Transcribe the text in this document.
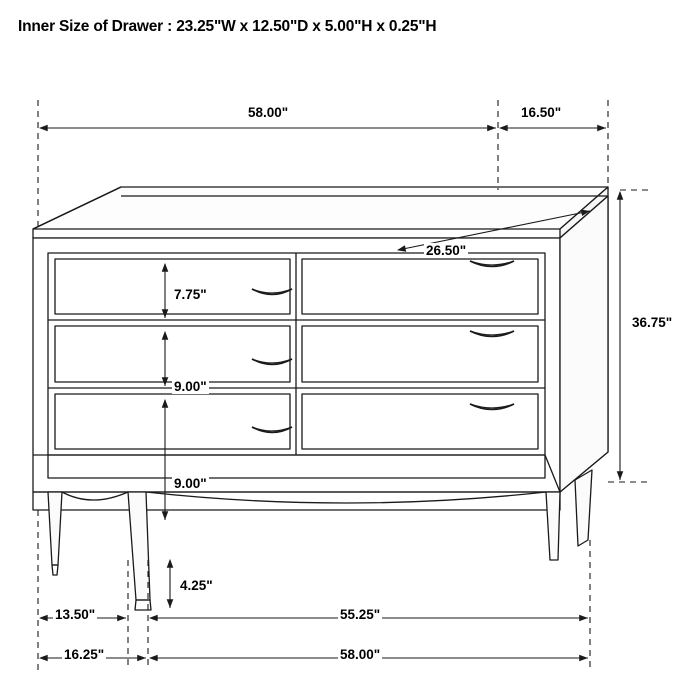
Inner Size of Drawer : 23.25"W x 12.50"D x 5.00"H x 0.25"H
58.00"	16.50"
26.50"
36.75"
7.75"
9.00"
9.00"
4.25"
13.50"	55.25"
16.25"	58.00"
